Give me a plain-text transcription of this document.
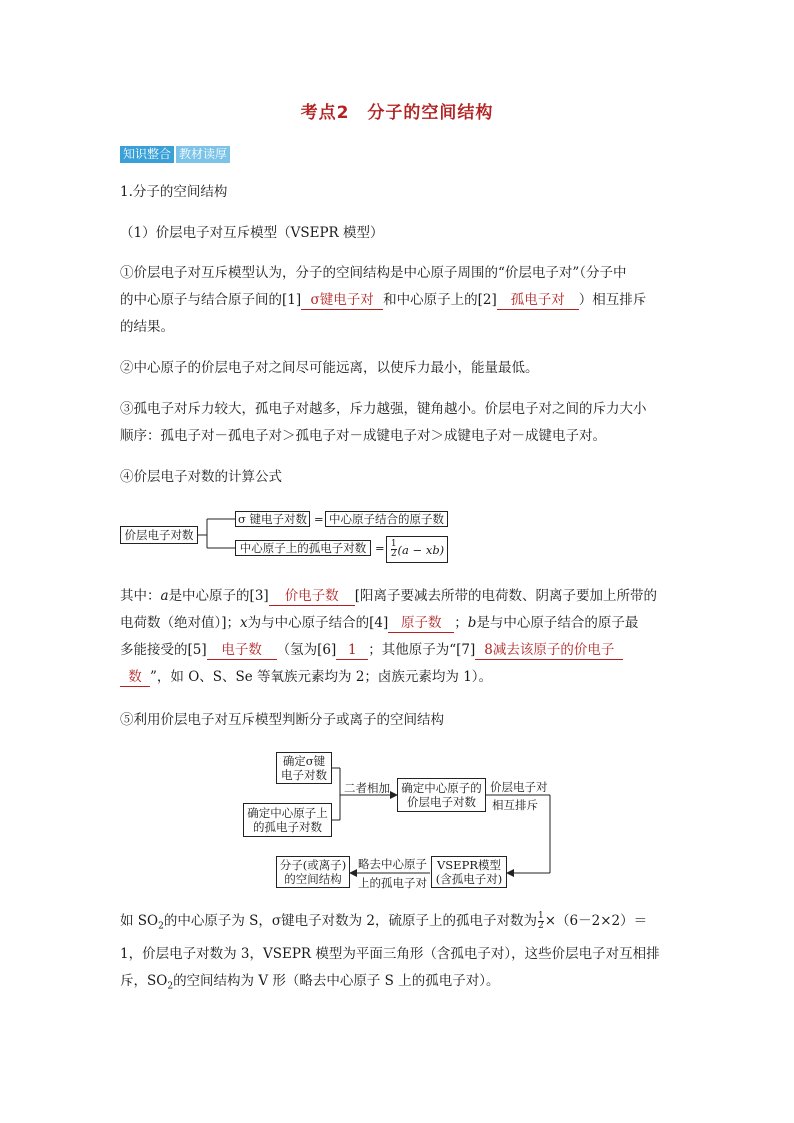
考点2　分子的空间结构
知识整合 教材读厚
1.分子的空间结构
（1）价层电子对互斥模型（VSEPR 模型）
①价层电子对互斥模型认为，分子的空间结构是中心原子周围的“价层电子对”（分子中
的中心原子与结合原子间的[1] σ键电子对 和中心原子上的[2] 孤电子对 ）相互排斥
的结果。
②中心原子的价层电子对之间尽可能远离，以使斥力最小，能量最低。
③孤电子对斥力较大，孤电子对越多，斥力越强，键角越小。价层电子对之间的斥力大小
顺序：孤电子对－孤电子对＞孤电子对－成键电子对＞成键电子对－成键电子对。
④价层电子对数的计算公式
价层电子对数
σ 键电子对数 = 中心原子结合的原子数
中心原子上的孤电子对数 = $\frac{1}{2} (a - xb)$
其中：a是中心原子的[3] 价电子数 [阳离子要减去所带的电荷数、阴离子要加上所带的
电荷数（绝对值）]；x为与中心原子结合的[4] 原子数 ；b是与中心原子结合的原子最
多能接受的[5] 电子数 （氢为[6] 1 ；其他原子为“[7] 8减去该原子的价电子
数 ”，如 O、S、Se 等氧族元素均为 2；卤族元素均为 1）。
⑤利用价层电子对互斥模型判断分子或离子的空间结构
确定σ键
电子对数
确定中心原子上
的孤电子对数
二者相加 确定中心原子的
价层电子对数
价层电子对
相互排斥
VSEPR模型
(含孤电子对)
略去中心原子
上的孤电子对
分子(或离子)
的空间结构
如 $SO_2$的中心原子为 S，σ键电子对数为 2，硫原子上的孤电子对数为 $\frac{1}{2} \times(6-2\times 2)=$
1，价层电子对数为 3，VSEPR 模型为平面三角形（含孤电子对），这些价层电子对互相排
斥，$SO_2$的空间结构为 V 形（略去中心原子 S 上的孤电子对）。
